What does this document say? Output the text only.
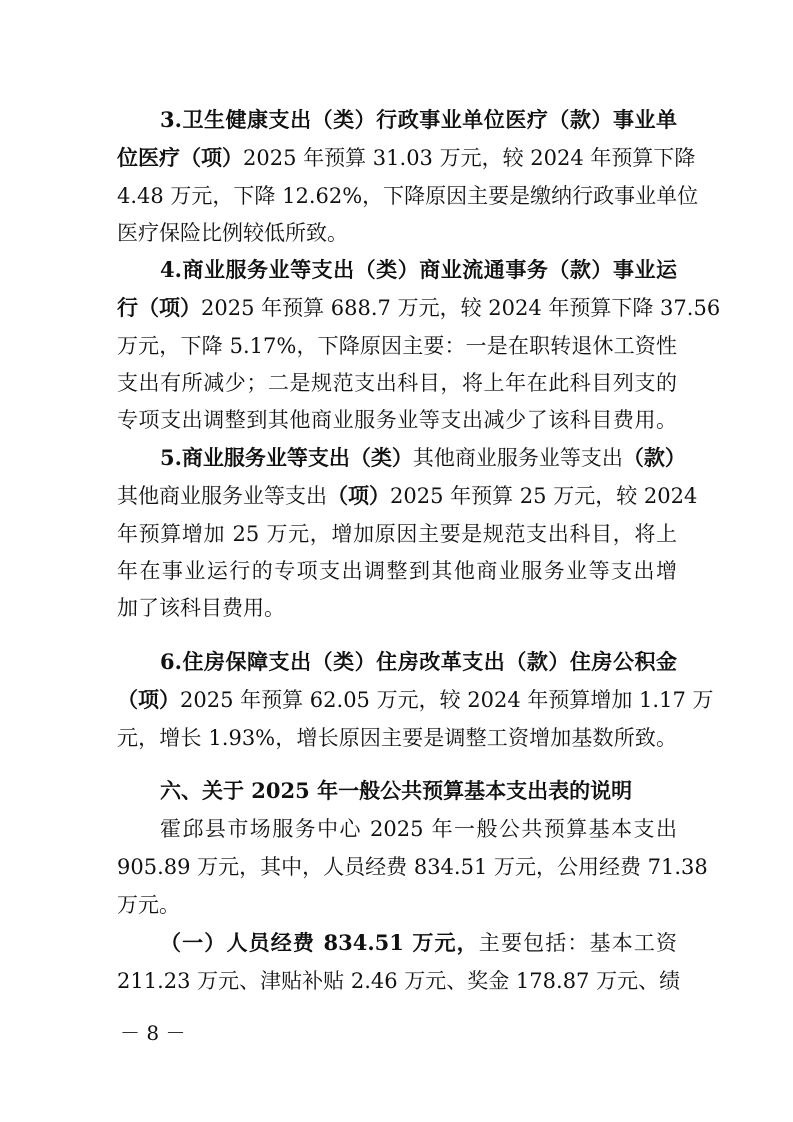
3.卫生健康支出（类）行政事业单位医疗（款）事业单
位医疗（项）2025 年预算 31.03 万元，较 2024 年预算下降
4.48 万元，下降 12.62%，下降原因主要是缴纳行政事业单位
医疗保险比例较低所致。
4.商业服务业等支出（类）商业流通事务（款）事业运
行（项）2025 年预算 688.7 万元，较 2024 年预算下降 37.56
万元，下降 5.17%，下降原因主要：一是在职转退休工资性
支出有所减少；二是规范支出科目，将上年在此科目列支的
专项支出调整到其他商业服务业等支出减少了该科目费用。
5.商业服务业等支出（类）其他商业服务业等支出（款）
其他商业服务业等支出（项）2025 年预算 25 万元，较 2024
年预算增加 25 万元，增加原因主要是规范支出科目，将上
年在事业运行的专项支出调整到其他商业服务业等支出增
加了该科目费用。
6.住房保障支出（类）住房改革支出（款）住房公积金
（项）2025 年预算 62.05 万元，较 2024 年预算增加 1.17 万
元，增长 1.93%，增长原因主要是调整工资增加基数所致。
六、关于 2025 年一般公共预算基本支出表的说明
霍邱县市场服务中心 2025 年一般公共预算基本支出
905.89 万元，其中，人员经费 834.51 万元，公用经费 71.38
万元。
（一）人员经费 834.51 万元，主要包括：基本工资
211.23 万元、津贴补贴 2.46 万元、奖金 178.87 万元、绩
－ 8 －
